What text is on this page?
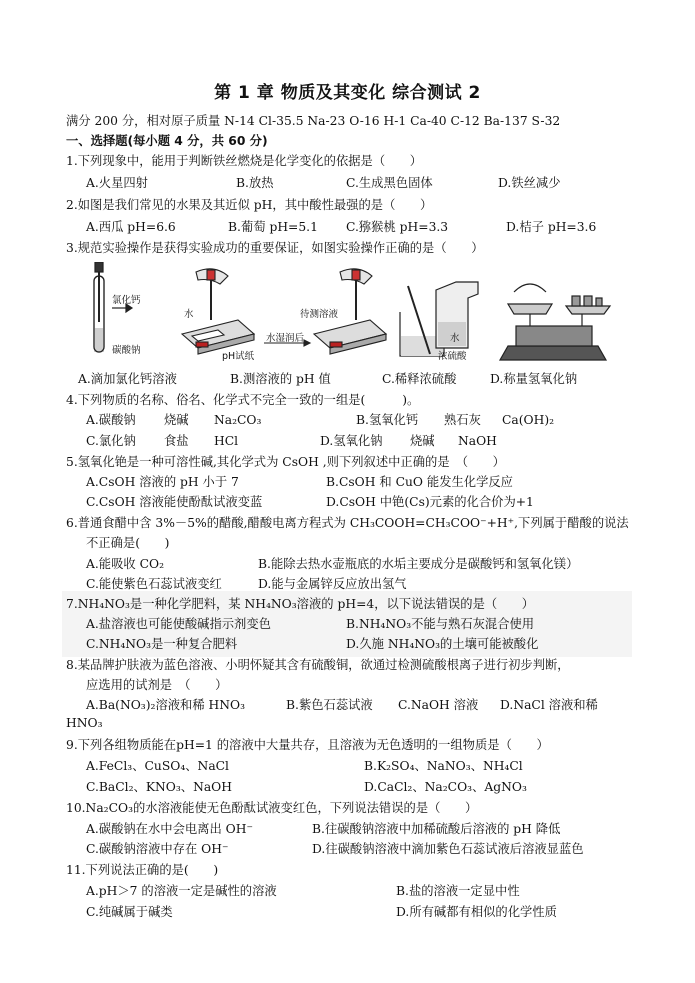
第 1 章 物质及其变化 综合测试 2
满分 200 分，相对原子质量 N-14 Cl-35.5 Na-23 O-16 H-1 Ca-40 C-12 Ba-137 S-32
一、选择题(每小题 4 分，共 60 分)
1.下列现象中，能用于判断铁丝燃烧是化学变化的依据是（　　）
A.火星四射	B.放热	C.生成黑色固体	D.铁丝减少
2.如图是我们常见的水果及其近似 pH，其中酸性最强的是（　　）
A.西瓜 pH=6.6	B.葡萄 pH=5.1 C.猕猴桃 pH=3.3	D.桔子 pH=3.6
3.规范实验操作是获得实验成功的重要保证，如图实验操作正确的是（　　）
氯化钙
碳酸钠
水
pH试纸
水湿润后
待测溶液
水
浓硫酸
A.滴加氯化钙溶液	B.测溶液的 pH 值	C.稀释浓硫酸	D.称量氢氧化钠
4.下列物质的名称、俗名、化学式不完全一致的一组是(　　　)。
A.碳酸钠 烧碱 Na₂CO₃	B.氢氧化钙 熟石灰 Ca(OH)₂
C.氯化钠 食盐 HCl	D.氢氧化钠 烧碱 NaOH
5.氢氧化铯是一种可溶性碱,其化学式为 CsOH ,则下列叙述中正确的是　（　　）
A.CsOH 溶液的 pH 小于 7	B.CsOH 和 CuO 能发生化学反应
C.CsOH 溶液能使酚酞试液变蓝	D.CsOH 中铯(Cs)元素的化合价为+1
6.普通食醋中含 3%－5%的醋酸,醋酸电离方程式为 CH₃COOH=CH₃COO⁻+H⁺,下列属于醋酸的说法
不正确是(　　)
A.能吸收 CO₂	B.能除去热水壶瓶底的水垢主要成分是碳酸钙和氢氧化镁）
C.能使紫色石蕊试液变红	D.能与金属锌反应放出氢气
7.NH₄NO₃是一种化学肥料，某 NH₄NO₃溶液的 pH=4，以下说法错误的是（　　）
A.盐溶液也可能使酸碱指示剂变色	B.NH₄NO₃不能与熟石灰混合使用
C.NH₄NO₃是一种复合肥料	D.久施 NH₄NO₃的土壤可能被酸化
8.某品牌护肤液为蓝色溶液、小明怀疑其含有硫酸铜，欲通过检测硫酸根离子进行初步判断，
应选用的试剂是　（　　）
A.Ba(NO₃)₂溶液和稀 HNO₃	B.紫色石蕊试液 C.NaOH 溶液 D.NaCl 溶液和稀
HNO₃
9.下列各组物质能在pH=1 的溶液中大量共存，且溶液为无色透明的一组物质是（　　）
A.FeCl₃、CuSO₄、NaCl	B.K₂SO₄、NaNO₃、NH₄Cl
C.BaCl₂、KNO₃、NaOH	D.CaCl₂、Na₂CO₃、AgNO₃
10.Na₂CO₃的水溶液能使无色酚酞试液变红色，下列说法错误的是（　　）
A.碳酸钠在水中会电离出 OH⁻	B.往碳酸钠溶液中加稀硫酸后溶液的 pH 降低
C.碳酸钠溶液中存在 OH⁻	D.往碳酸钠溶液中滴加紫色石蕊试液后溶液显蓝色
11.下列说法正确的是(　　)
A.pH＞7 的溶液一定是碱性的溶液	B.盐的溶液一定显中性
C.纯碱属于碱类	D.所有碱都有相似的化学性质
